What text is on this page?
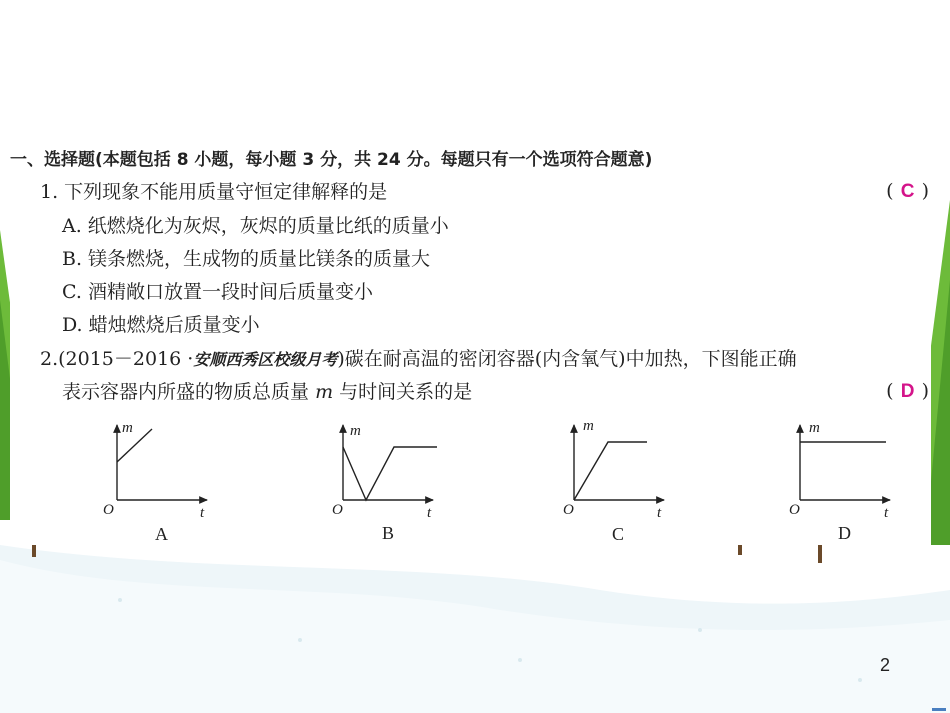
一、选择题(本题包括 8 小题，每小题 3 分，共 24 分。每题只有一个选项符合题意)
1. 下列现象不能用质量守恒定律解释的是	( C )
A. 纸燃烧化为灰烬，灰烬的质量比纸的质量小
B. 镁条燃烧，生成物的质量比镁条的质量大
C. 酒精敞口放置一段时间后质量变小
D. 蜡烛燃烧后质量变小
2.(2015－2016 ·安顺西秀区校级月考)碳在耐高温的密闭容器(内含氧气)中加热，下图能正确
表示容器内所盛的物质总质量 m 与时间关系的是	( D )
m
t
O
A
m
t
O
B
m
t
O
C
m
t
O
D
2
